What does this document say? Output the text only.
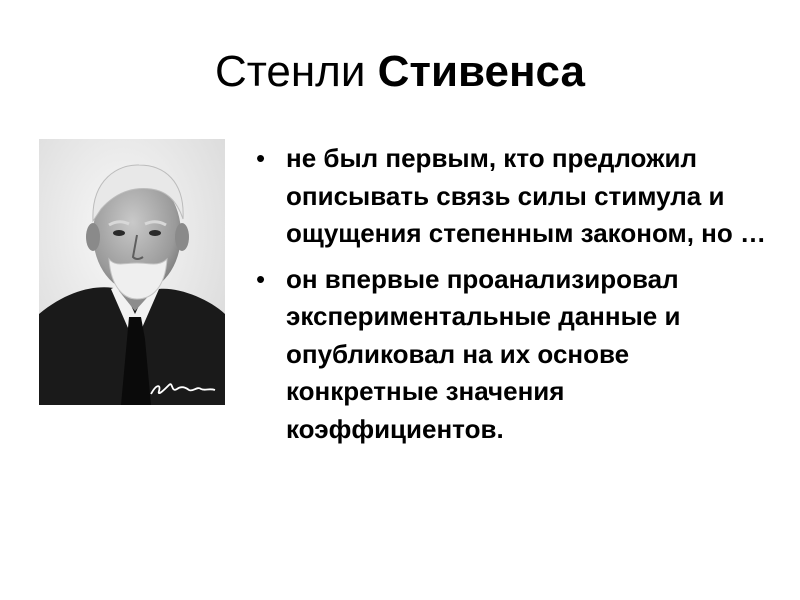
Стенли Стивенса
• не был первым, кто предложил описывать связь силы стимула и ощущения степенным законом, но …
• он впервые проанализировал экспериментальные данные и опубликовал на их основе конкретные значения коэффициентов.
